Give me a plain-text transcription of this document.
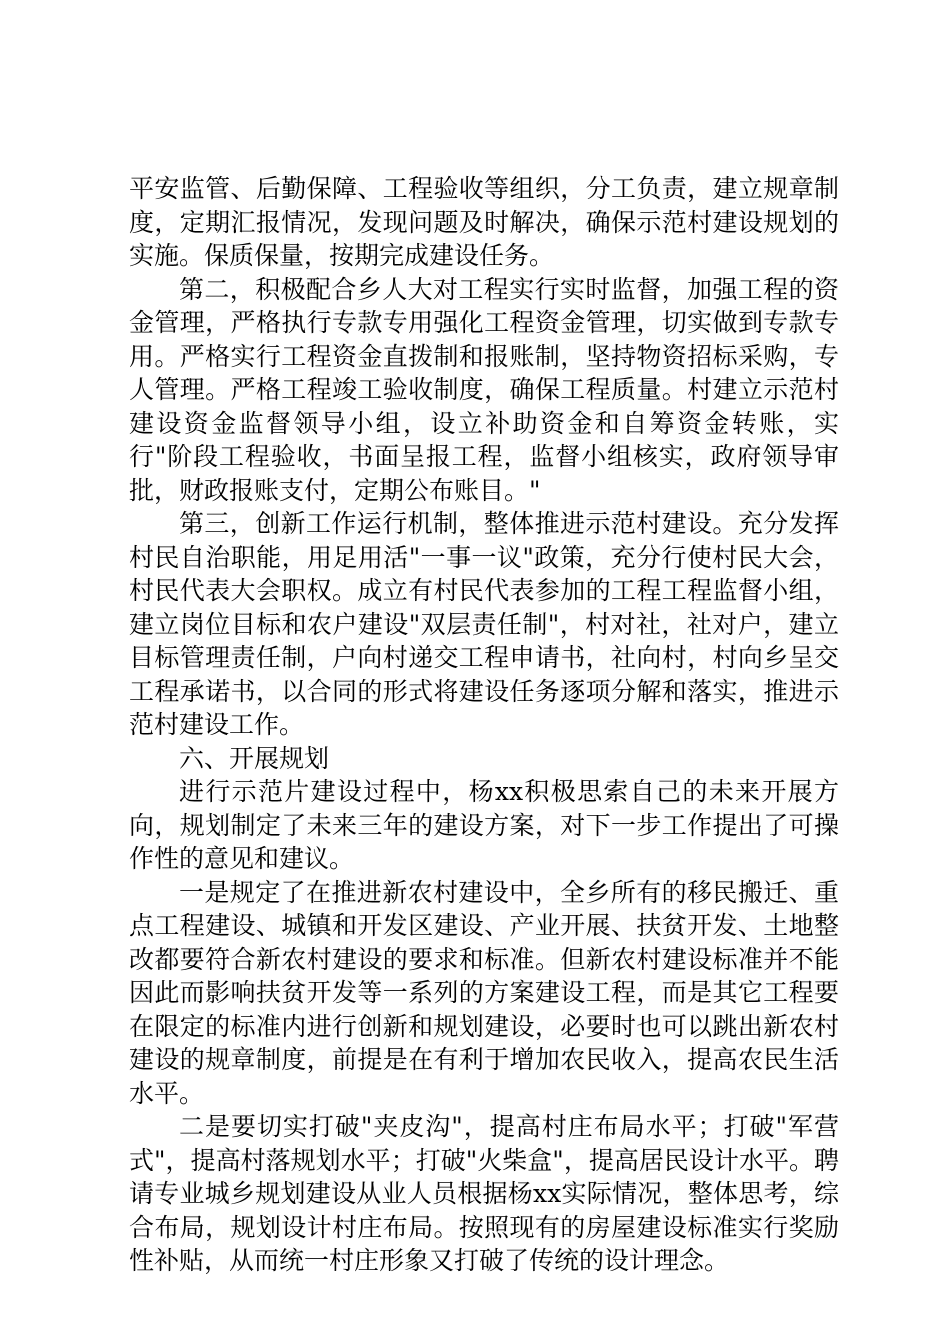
平安监管、后勤保障、工程验收等组织，分工负责，建立规章制度，定期汇报情况，发现问题及时解决，确保示范村建设规划的实施。保质保量，按期完成建设任务。

第二，积极配合乡人大对工程实行实时监督，加强工程的资金管理，严格执行专款专用强化工程资金管理，切实做到专款专用。严格实行工程资金直拨制和报账制，坚持物资招标采购，专人管理。严格工程竣工验收制度，确保工程质量。村建立示范村建设资金监督领导小组，设立补助资金和自筹资金转账，实行"阶段工程验收，书面呈报工程，监督小组核实，政府领导审批，财政报账支付，定期公布账目。"

第三，创新工作运行机制，整体推进示范村建设。充分发挥村民自治职能，用足用活"一事一议"政策，充分行使村民大会，村民代表大会职权。成立有村民代表参加的工程工程监督小组，建立岗位目标和农户建设"双层责任制"，村对社，社对户，建立目标管理责任制，户向村递交工程申请书，社向村，村向乡呈交工程承诺书，以合同的形式将建设任务逐项分解和落实，推进示范村建设工作。

六、开展规划

进行示范片建设过程中，杨xx积极思索自己的未来开展方向，规划制定了未来三年的建设方案，对下一步工作提出了可操作性的意见和建议。

一是规定了在推进新农村建设中，全乡所有的移民搬迁、重点工程建设、城镇和开发区建设、产业开展、扶贫开发、土地整改都要符合新农村建设的要求和标准。但新农村建设标准并不能因此而影响扶贫开发等一系列的方案建设工程，而是其它工程要在限定的标准内进行创新和规划建设，必要时也可以跳出新农村建设的规章制度，前提是在有利于增加农民收入，提高农民生活水平。

二是要切实打破"夹皮沟"，提高村庄布局水平；打破"军营式"，提高村落规划水平；打破"火柴盒"，提高居民设计水平。聘请专业城乡规划建设从业人员根据杨xx实际情况，整体思考，综合布局，规划设计村庄布局。按照现有的房屋建设标准实行奖励性补贴，从而统一村庄形象又打破了传统的设计理念。
